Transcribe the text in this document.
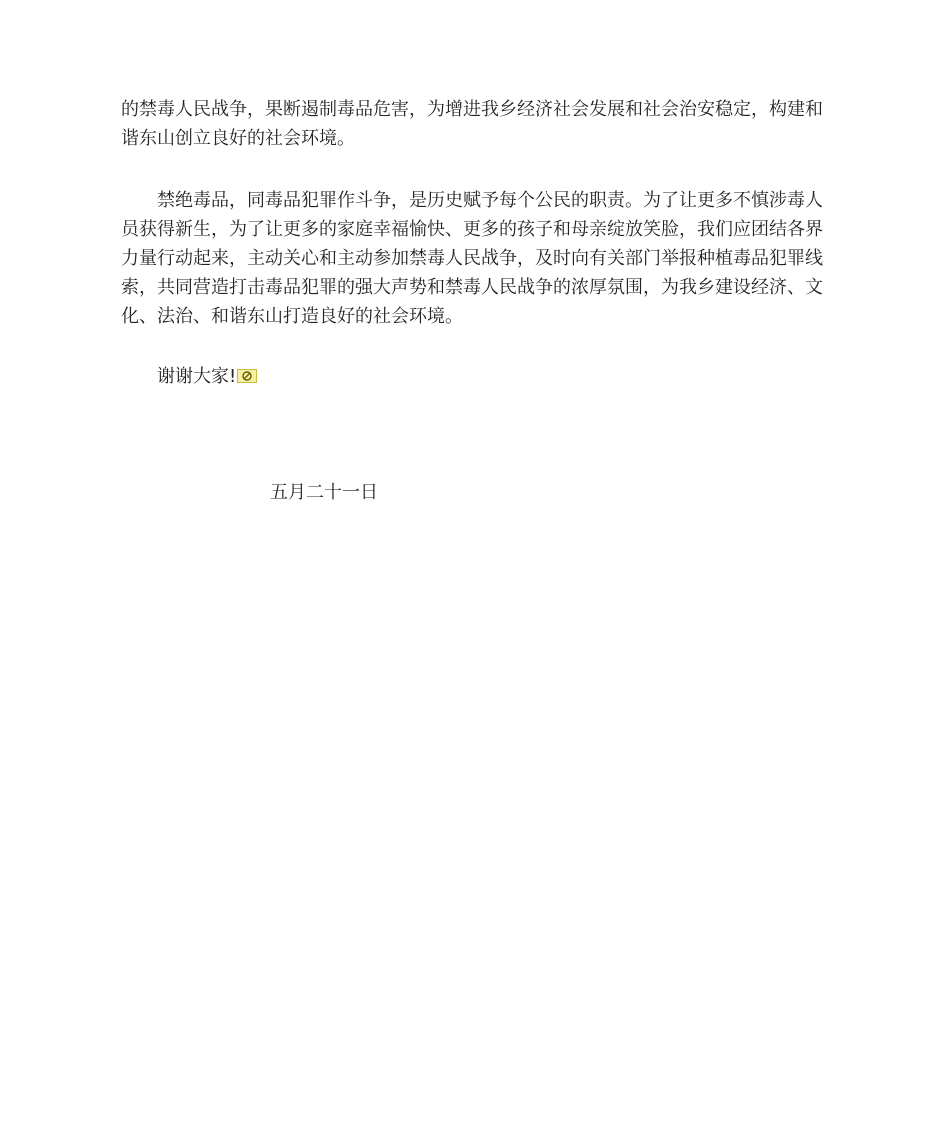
的禁毒人民战争，果断遏制毒品危害，为增进我乡经济社会发展和社会治安稳定，构建和
谐东山创立良好的社会环境。
禁绝毒品，同毒品犯罪作斗争，是历史赋予每个公民的职责。为了让更多不慎涉毒人
员获得新生，为了让更多的家庭幸福愉快、更多的孩子和母亲绽放笑脸，我们应团结各界
力量行动起来，主动关心和主动参加禁毒人民战争，及时向有关部门举报种植毒品犯罪线
索，共同营造打击毒品犯罪的强大声势和禁毒人民战争的浓厚氛围，为我乡建设经济、文
化、法治、和谐东山打造良好的社会环境。
谢谢大家!
五月二十一日
